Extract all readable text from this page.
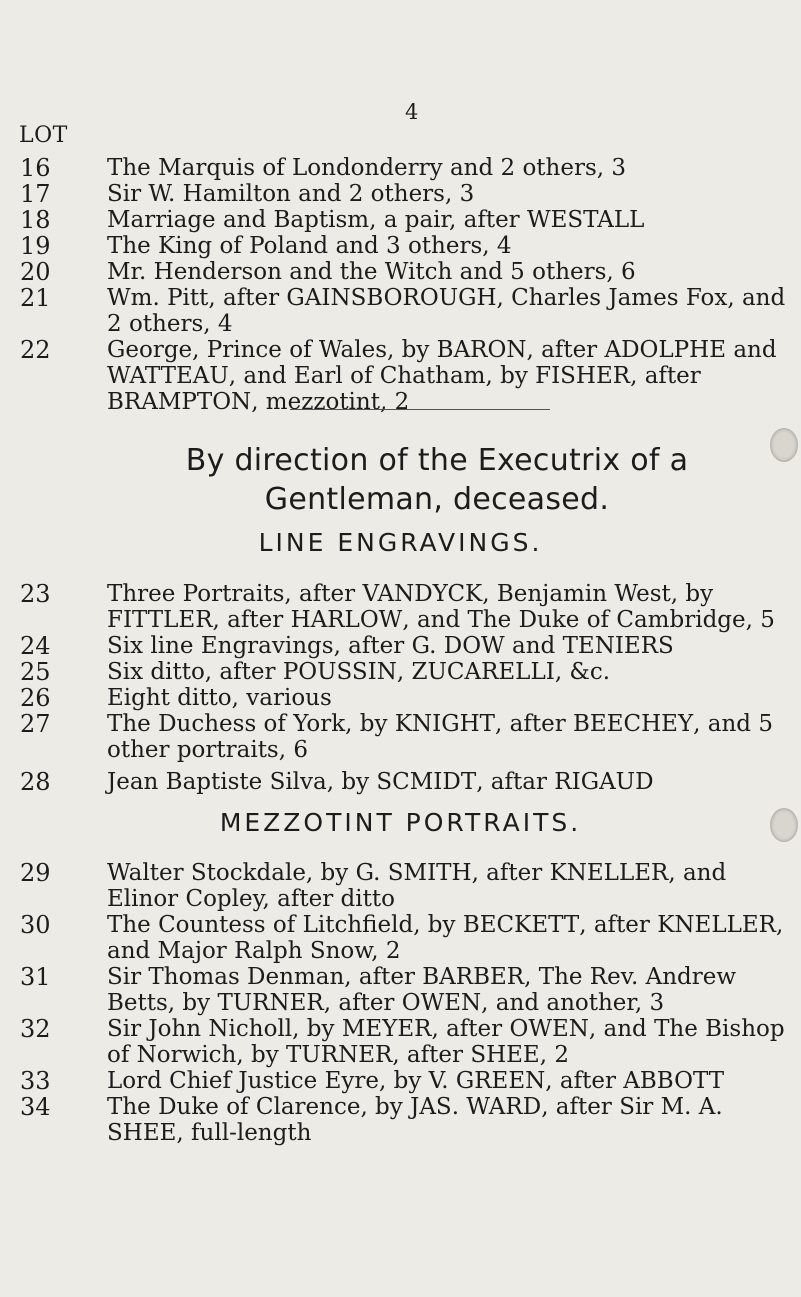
4
LOT
16	The Marquis of Londonderry and 2 others, 3
17	Sir W. Hamilton and 2 others, 3
18	Marriage and Baptism, a pair, after WESTALL
19	The King of Poland and 3 others, 4
20	Mr. Henderson and the Witch and 5 others, 6
21	Wm. Pitt, after GAINSBOROUGH, Charles James Fox, and 2 others, 4
22	George, Prince of Wales, by BARON, after ADOLPHE and WATTEAU, and Earl of Chatham, by FISHER, after BRAMPTON, mezzotint, 2
By direction of the Executrix of a Gentleman, deceased.
LINE ENGRAVINGS.
23	Three Portraits, after VANDYCK, Benjamin West, by FITTLER, after HARLOW, and The Duke of Cambridge, 5
24	Six line Engravings, after G. DOW and TENIERS
25	Six ditto, after POUSSIN, ZUCARELLI, &c.
26	Eight ditto, various
27	The Duchess of York, by KNIGHT, after BEECHEY, and 5 other portraits, 6
28	Jean Baptiste Silva, by SCMIDT, aftar RIGAUD
MEZZOTINT PORTRAITS.
29	Walter Stockdale, by G. SMITH, after KNELLER, and Elinor Copley, after ditto
30	The Countess of Litchfield, by BECKETT, after KNELLER, and Major Ralph Snow, 2
31	Sir Thomas Denman, after BARBER, The Rev. Andrew Betts, by TURNER, after OWEN, and another, 3
32	Sir John Nicholl, by MEYER, after OWEN, and The Bishop of Norwich, by TURNER, after SHEE, 2
33	Lord Chief Justice Eyre, by V. GREEN, after ABBOTT
34	The Duke of Clarence, by JAS. WARD, after Sir M. A. SHEE, full-length
